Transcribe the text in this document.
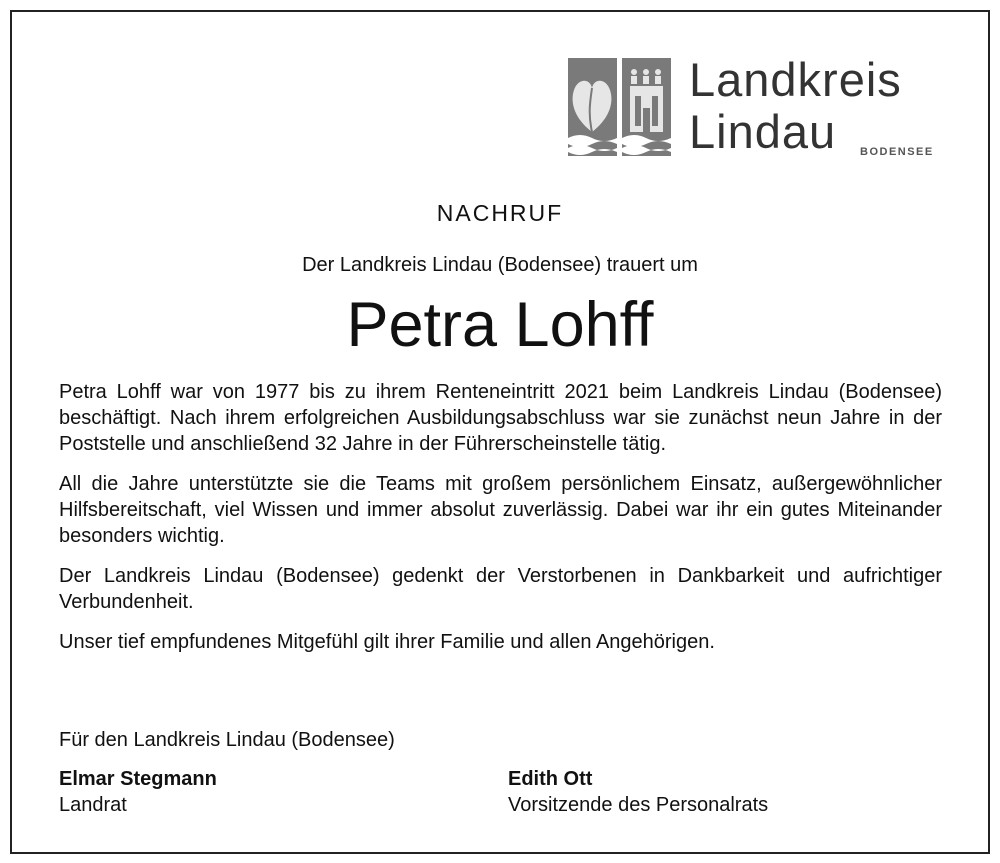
Landkreis
Lindau BODENSEE
NACHRUF
Der Landkreis Lindau (Bodensee) trauert um
Petra Lohff

Petra Lohff war von 1977 bis zu ihrem Renteneintritt 2021 beim Landkreis Lindau (Bodensee) beschäftigt. Nach ihrem erfolgreichen Ausbildungsabschluss war sie zunächst neun Jahre in der Poststelle und anschließend 32 Jahre in der Führerscheinstelle tätig.

All die Jahre unterstützte sie die Teams mit großem persönlichem Einsatz, außergewöhnlicher Hilfsbereitschaft, viel Wissen und immer absolut zuverlässig. Dabei war ihr ein gutes Miteinander besonders wichtig.

Der Landkreis Lindau (Bodensee) gedenkt der Verstorbenen in Dankbarkeit und aufrichtiger Verbundenheit.

Unser tief empfundenes Mitgefühl gilt ihrer Familie und allen Angehörigen.

Für den Landkreis Lindau (Bodensee)
Elmar Stegmann
Landrat
Edith Ott
Vorsitzende des Personalrats
